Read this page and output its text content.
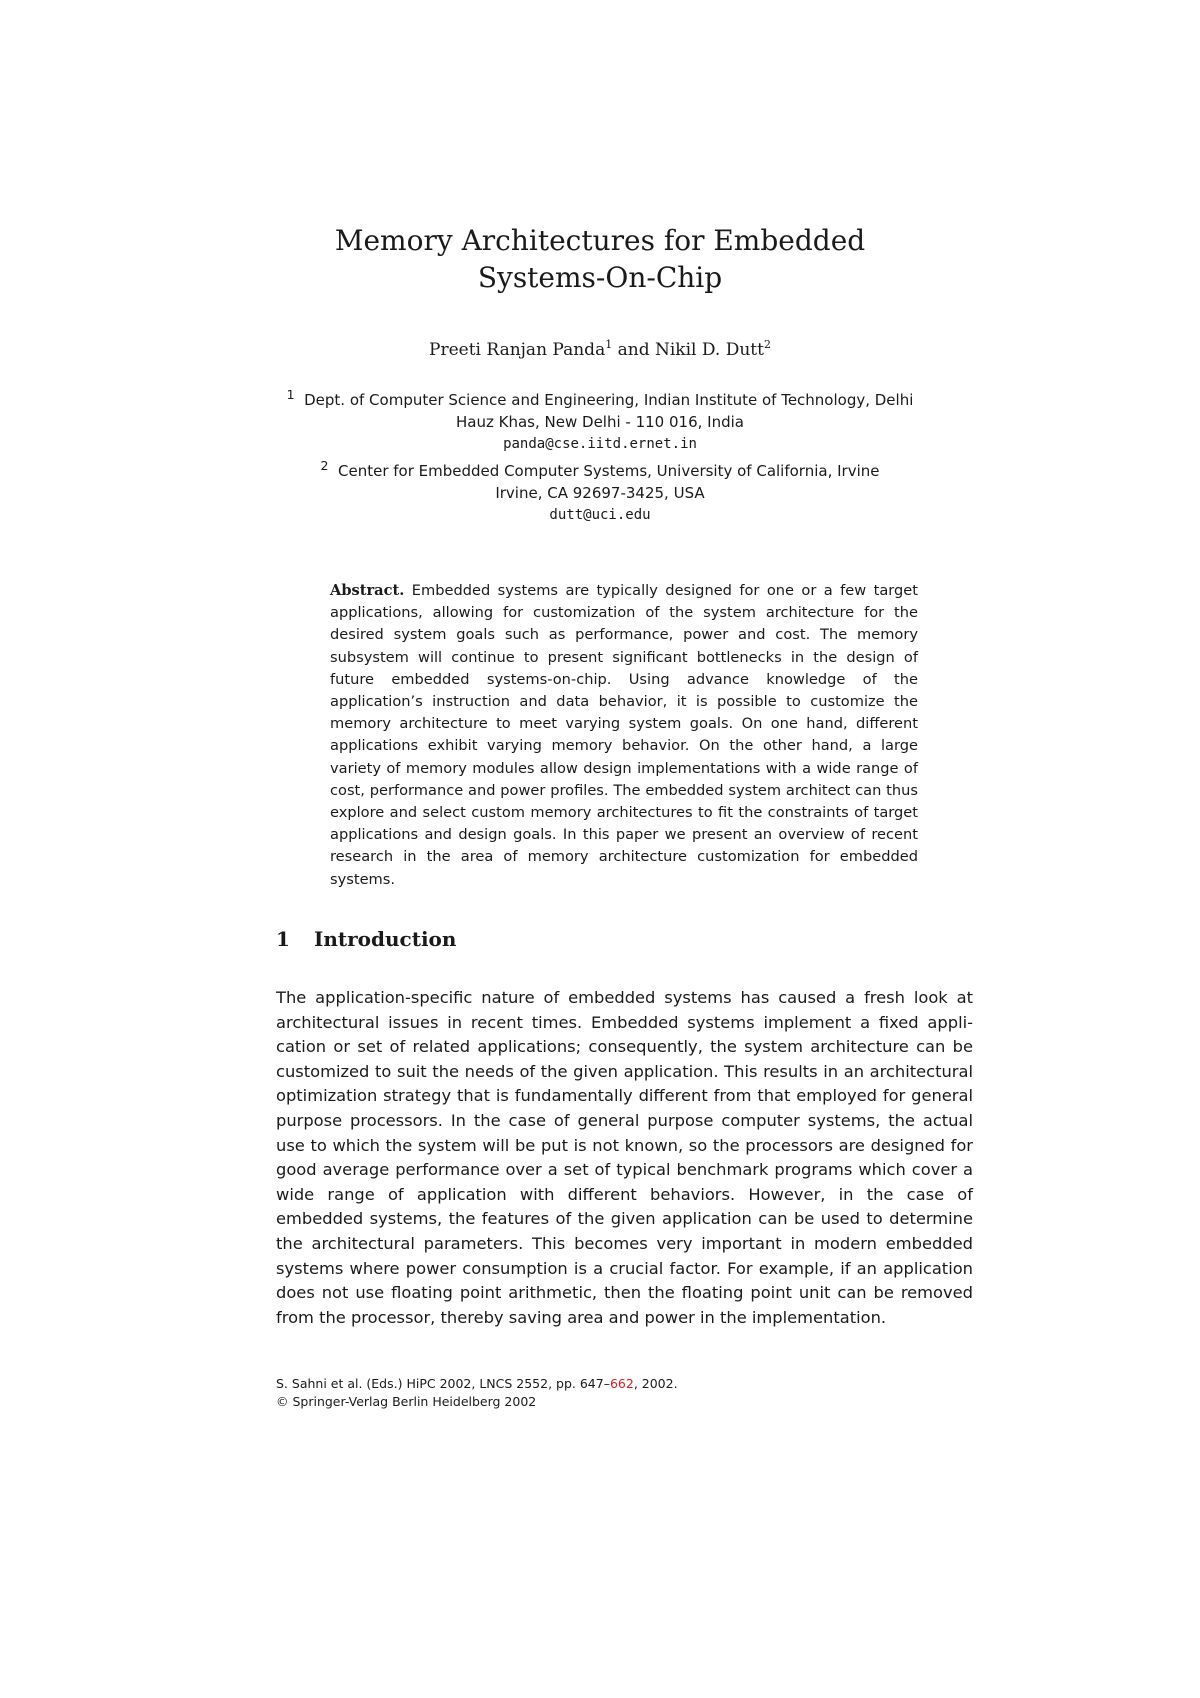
Memory Architectures for Embedded
Systems-On-Chip
Preeti Ranjan Panda$^1$ and Nikil D. Dutt$^2$
$^1$ Dept. of Computer Science and Engineering, Indian Institute of Technology, Delhi
Hauz Khas, New Delhi - 110 016, India
panda@cse.iitd.ernet.in
$^2$ Center for Embedded Computer Systems, University of California, Irvine
Irvine, CA 92697-3425, USA
dutt@uci.edu
Abstract. Embedded systems are typically designed for one or a few target applications, allowing for customization of the system architecture for the desired system goals such as performance, power and cost. The memory subsystem will continue to present significant bottlenecks in the design of future embedded systems-on-chip. Using advance knowledge of the application’s instruction and data behavior, it is possible to customize the memory architecture to meet varying system goals. On one hand, different applications exhibit varying memory behavior. On the other hand, a large variety of memory modules allow design implementations with a wide range of cost, performance and power profiles. The embedded system architect can thus explore and select custom memory architectures to fit the constraints of target applications and design goals. In this paper we present an overview of recent research in the area of memory architecture customization for embedded systems.
1 Introduction
The application-specific nature of embedded systems has caused a fresh look at architectural issues in recent times. Embedded systems implement a fixed application or set of related applications; consequently, the system architecture can be customized to suit the needs of the given application. This results in an architectural optimization strategy that is fundamentally different from that employed for general purpose processors. In the case of general purpose computer systems, the actual use to which the system will be put is not known, so the processors are designed for good average performance over a set of typical benchmark programs which cover a wide range of application with different behaviors. However, in the case of embedded systems, the features of the given application can be used to determine the architectural parameters. This becomes very important in modern embedded systems where power consumption is a crucial factor. For example, if an application does not use floating point arithmetic, then the floating point unit can be removed from the processor, thereby saving area and power in the implementation.
S. Sahni et al. (Eds.) HiPC 2002, LNCS 2552, pp. 647–662, 2002.
© Springer-Verlag Berlin Heidelberg 2002
